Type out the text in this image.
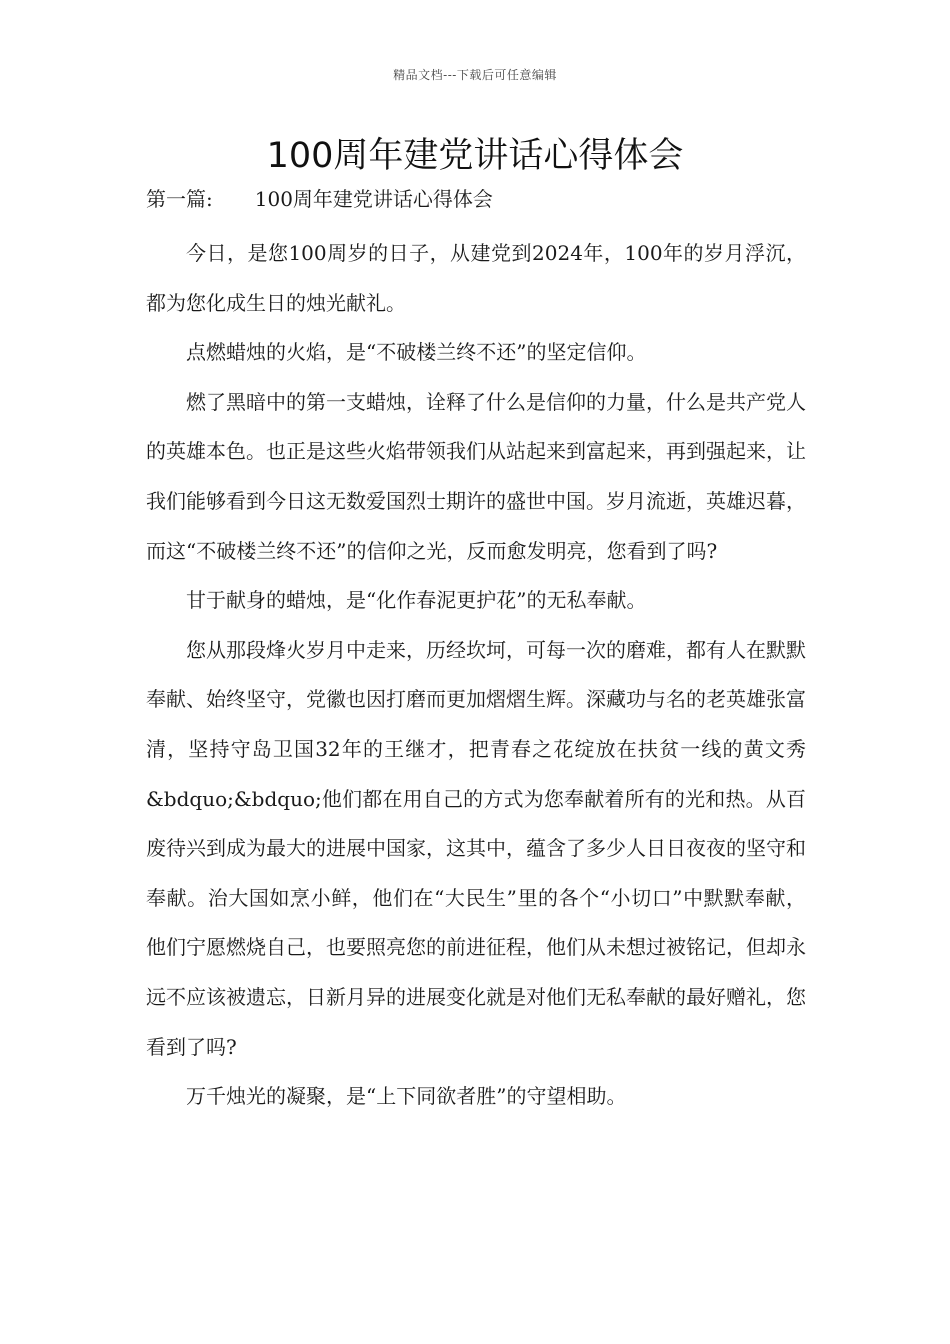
精品文档---下载后可任意编辑
100周年建党讲话心得体会
第一篇: 100周年建党讲话心得体会

今日，是您100周岁的日子，从建党到2024年，100年的岁月浮沉，都为您化成生日的烛光献礼。

点燃蜡烛的火焰，是“不破楼兰终不还”的坚定信仰。

燃了黑暗中的第一支蜡烛，诠释了什么是信仰的力量，什么是共产党人的英雄本色。也正是这些火焰带领我们从站起来到富起来，再到强起来，让我们能够看到今日这无数爱国烈士期许的盛世中国。岁月流逝，英雄迟暮，而这“不破楼兰终不还”的信仰之光，反而愈发明亮，您看到了吗?

甘于献身的蜡烛，是“化作春泥更护花”的无私奉献。

您从那段烽火岁月中走来，历经坎坷，可每一次的磨难，都有人在默默奉献、始终坚守，党徽也因打磨而更加熠熠生辉。深藏功与名的老英雄张富清，坚持守岛卫国32年的王继才，把青春之花绽放在扶贫一线的黄文秀&bdquo;&bdquo;他们都在用自己的方式为您奉献着所有的光和热。从百废待兴到成为最大的进展中国家，这其中，蕴含了多少人日日夜夜的坚守和奉献。治大国如烹小鲜，他们在“大民生”里的各个“小切口”中默默奉献，他们宁愿燃烧自己，也要照亮您的前进征程，他们从未想过被铭记，但却永远不应该被遗忘，日新月异的进展变化就是对他们无私奉献的最好赠礼，您看到了吗?

万千烛光的凝聚，是“上下同欲者胜”的守望相助。
